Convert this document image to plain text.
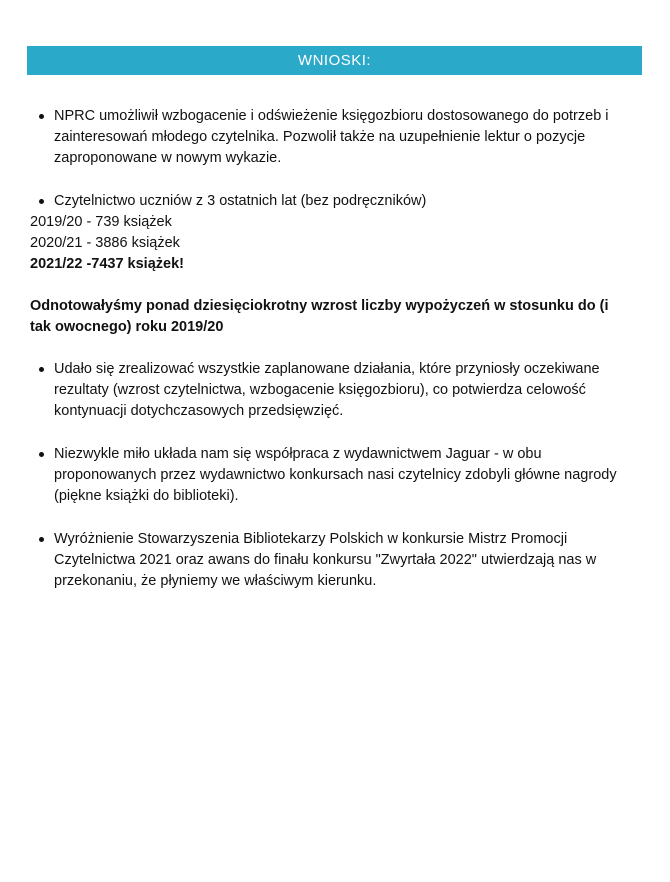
WNIOSKI:

NPRC umożliwił wzbogacenie i odświeżenie księgozbioru dostosowanego do potrzeb i zainteresowań młodego czytelnika. Pozwolił także na uzupełnienie lektur o pozycje zaproponowane w nowym wykazie.

Czytelnictwo uczniów z 3 ostatnich lat (bez podręczników)

2019/20 - 739 książek

2020/21 - 3886 książek

2021/22 -7437 książek!

Odnotowałyśmy ponad dziesięciokrotny wzrost liczby wypożyczeń w stosunku do (i tak owocnego) roku 2019/20

Udało się zrealizować wszystkie zaplanowane działania, które przyniosły oczekiwane rezultaty (wzrost czytelnictwa, wzbogacenie księgozbioru), co potwierdza celowość kontynuacji dotychczasowych przedsięwzięć.

Niezwykle miło układa nam się współpraca z wydawnictwem Jaguar - w obu proponowanych przez wydawnictwo konkursach nasi czytelnicy zdobyli główne nagrody (piękne książki do biblioteki).

Wyróżnienie Stowarzyszenia Bibliotekarzy Polskich w konkursie Mistrz Promocji Czytelnictwa 2021 oraz awans do finału konkursu "Zwyrtała 2022" utwierdzają nas w przekonaniu, że płyniemy we właściwym kierunku.
